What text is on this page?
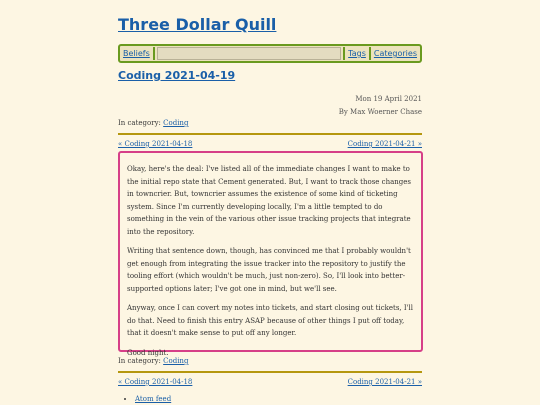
Three Dollar Quill
Beliefs	Tags	Categories
Coding 2021-04-19
Mon 19 April 2021
By Max Woerner Chase
In category: Coding
« Coding 2021-04-18	Coding 2021-04-21 »

Okay, here's the deal: I've listed all of the immediate changes I want to make to the initial repo state that Cement generated. But, I want to track those changes in towncrier. But, towncrier assumes the existence of some kind of ticketing system. Since I'm currently developing locally, I'm a little tempted to do something in the vein of the various other issue tracking projects that integrate into the repository.

Writing that sentence down, though, has convinced me that I probably wouldn't get enough from integrating the issue tracker into the repository to justify the tooling effort (which wouldn't be much, just non-zero). So, I'll look into better-supported options later; I've got one in mind, but we'll see.

Anyway, once I can covert my notes into tickets, and start closing out tickets, I'll do that. Need to finish this entry ASAP because of other things I put off today, that it doesn't make sense to put off any longer.

Good night.

In category: Coding
« Coding 2021-04-18	Coding 2021-04-21 »
• Atom feed
